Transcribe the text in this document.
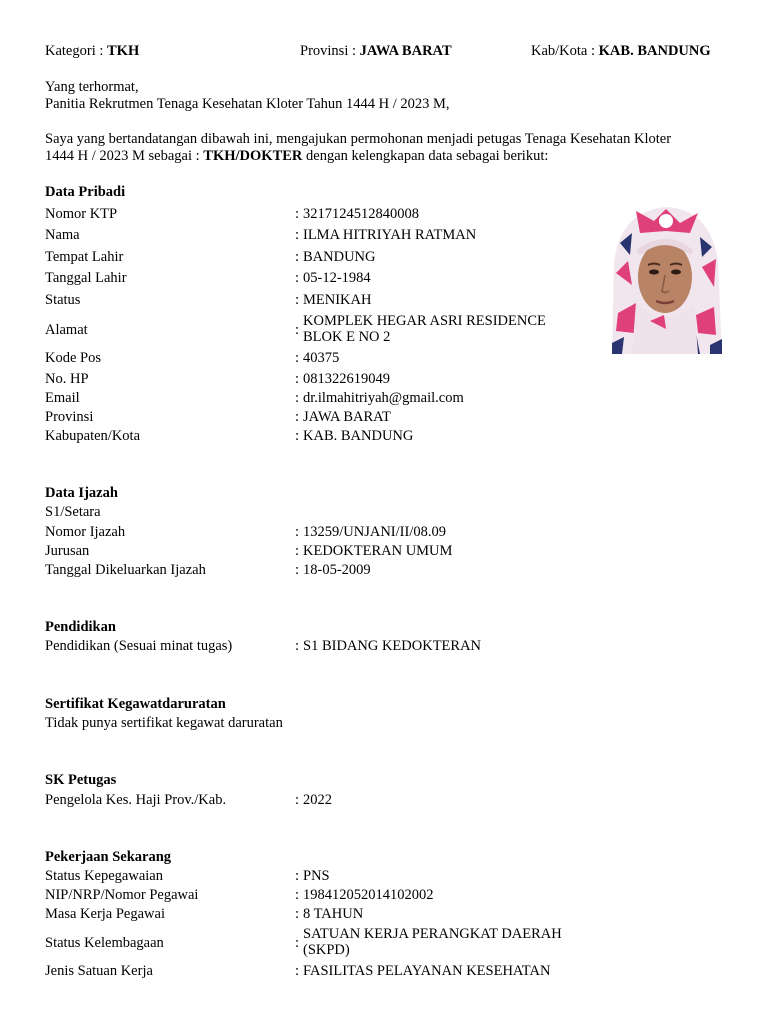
Kategori : TKH	Provinsi : JAWA BARAT	Kab/Kota : KAB. BANDUNG
Yang terhormat,
Panitia Rekrutmen Tenaga Kesehatan Kloter Tahun 1444 H / 2023 M,
Saya yang bertandatangan dibawah ini, mengajukan permohonan menjadi petugas Tenaga Kesehatan Kloter
1444 H / 2023 M sebagai : TKH/DOKTER dengan kelengkapan data sebagai berikut:
Data Pribadi
Nomor KTP	: 3217124512840008
Nama	: ILMA HITRIYAH RATMAN
Tempat Lahir	: BANDUNG
Tanggal Lahir	: 05-12-1984
Status	: MENIKAH
Alamat	:
KOMPLEK HEGAR ASRI RESIDENCE
BLOK E NO 2
Kode Pos	: 40375
No. HP	: 081322619049
Email	: dr.ilmahitriyah@gmail.com
Provinsi	: JAWA BARAT
Kabupaten/Kota	: KAB. BANDUNG
Data Ijazah
S1/Setara
Nomor Ijazah	: 13259/UNJANI/II/08.09
Jurusan	: KEDOKTERAN UMUM
Tanggal Dikeluarkan Ijazah	: 18-05-2009
Pendidikan
Pendidikan (Sesuai minat tugas)	: S1 BIDANG KEDOKTERAN
Sertifikat Kegawatdaruratan
Tidak punya sertifikat kegawat daruratan
SK Petugas
Pengelola Kes. Haji Prov./Kab.	: 2022
Pekerjaan Sekarang
Status Kepegawaian	: PNS
NIP/NRP/Nomor Pegawai	: 198412052014102002
Masa Kerja Pegawai	: 8 TAHUN
Status Kelembagaan	:
SATUAN KERJA PERANGKAT DAERAH
(SKPD)
Jenis Satuan Kerja	: FASILITAS PELAYANAN KESEHATAN
